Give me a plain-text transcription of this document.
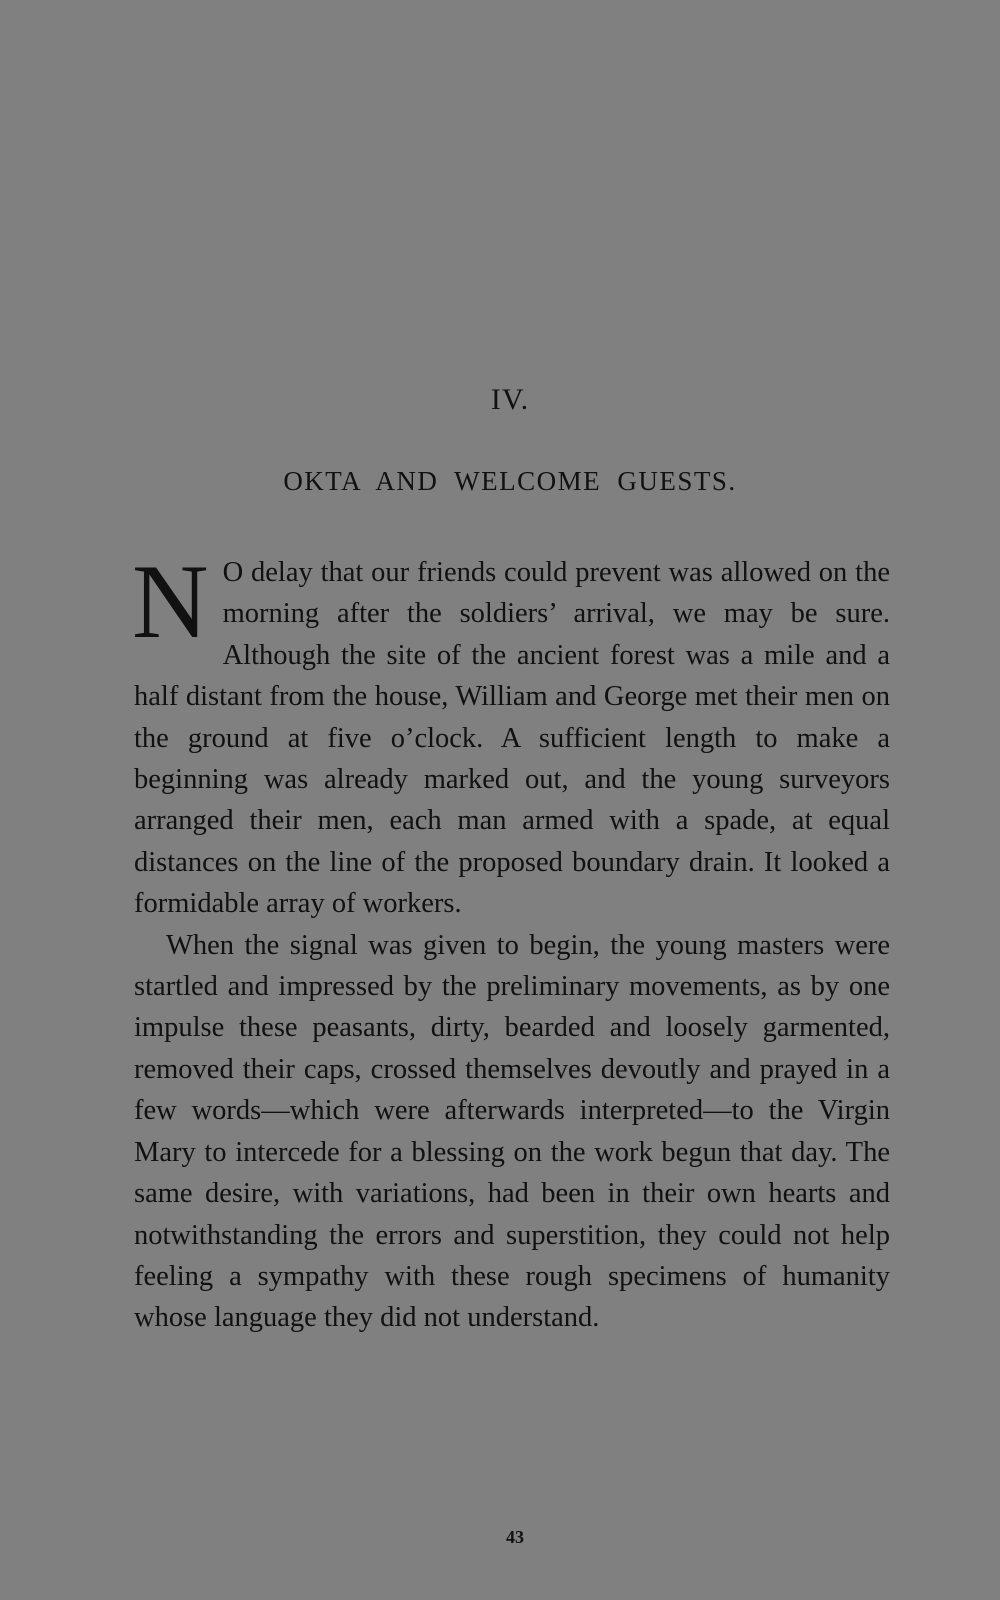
IV.
OKTA AND WELCOME GUESTS.

N O delay that our friends could prevent was allowed on the morning after the soldiers’ arrival, we may be sure. Although the site of the ancient forest was a mile and a half distant from the house, William and George met their men on the ground at five o’clock. A sufficient length to make a beginning was already marked out, and the young surveyors arranged their men, each man armed with a spade, at equal distances on the line of the proposed boundary drain. It looked a formidable array of workers.

When the signal was given to begin, the young masters were startled and impressed by the preliminary movements, as by one impulse these peasants, dirty, bearded and loosely garmented, removed their caps, crossed themselves devoutly and prayed in a few words—which were afterwards interpreted—to the Virgin Mary to intercede for a blessing on the work begun that day. The same desire, with variations, had been in their own hearts and notwithstanding the errors and superstition, they could not help feeling a sympathy with these rough specimens of humanity whose language they did not understand.

43
